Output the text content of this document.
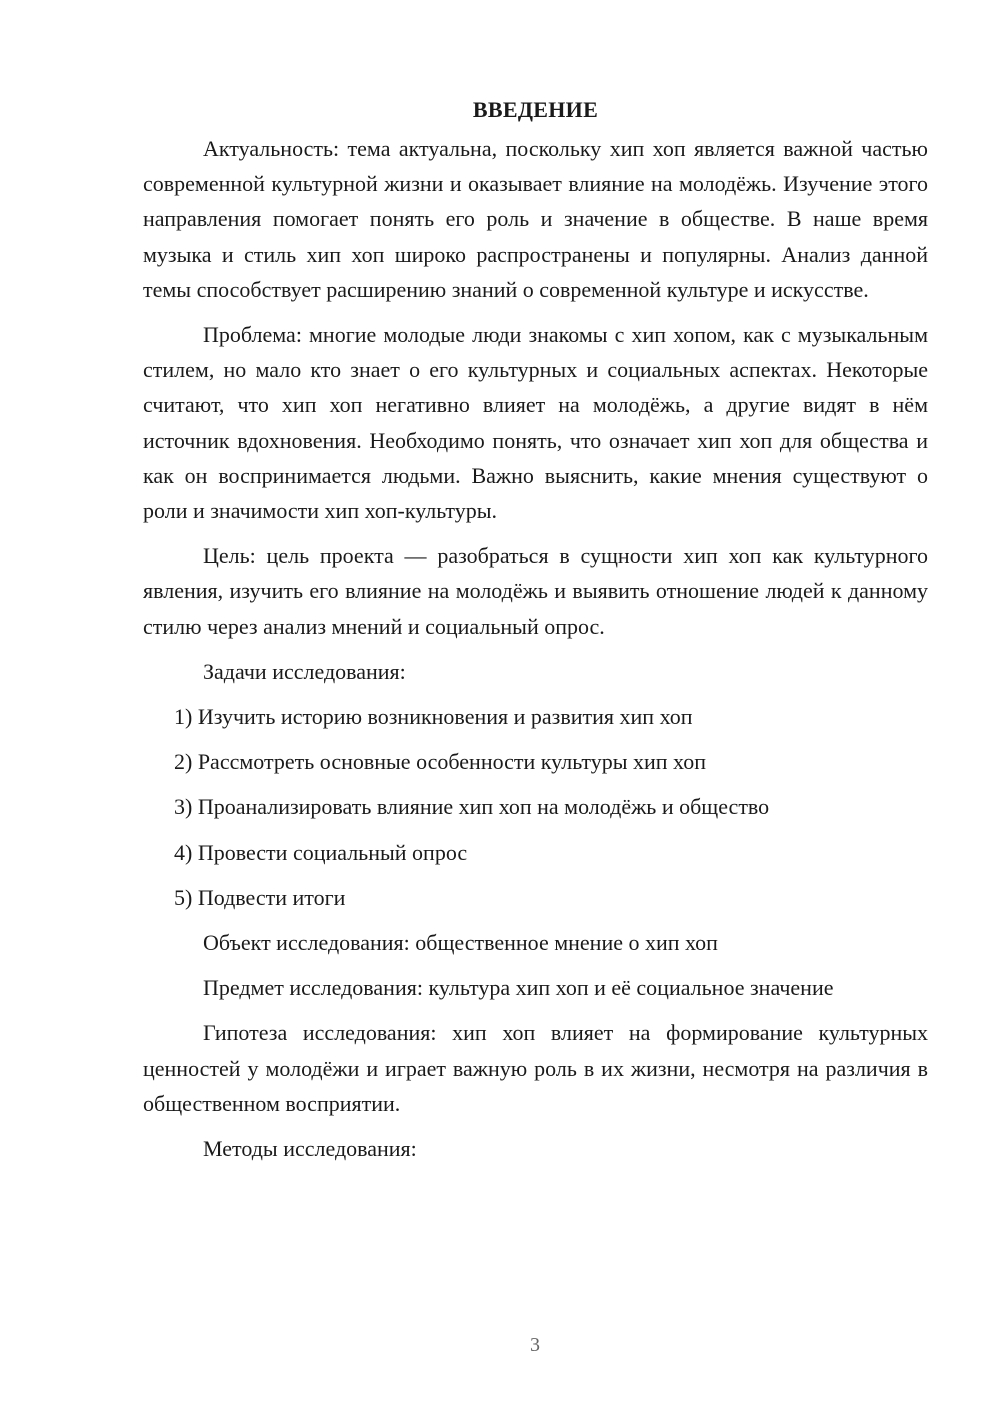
ВВЕДЕНИЕ

Актуальность: тема актуальна, поскольку хип хоп является важной частью современной культурной жизни и оказывает влияние на молодёжь. Изучение этого направления помогает понять его роль и значение в обществе. В наше время музыка и стиль хип хоп широко распространены и популярны. Анализ данной темы способствует расширению знаний о современной культуре и искусстве.

Проблема: многие молодые люди знакомы с хип хопом, как с музыкальным стилем, но мало кто знает о его культурных и социальных аспектах. Некоторые считают, что хип хоп негативно влияет на молодёжь, а другие видят в нём источник вдохновения. Необходимо понять, что означает хип хоп для общества и как он воспринимается людьми. Важно выяснить, какие мнения существуют о роли и значимости хип хоп-культуры.

Цель: цель проекта — разобраться в сущности хип хоп как культурного явления, изучить его влияние на молодёжь и выявить отношение людей к данному стилю через анализ мнений и социальный опрос.

Задачи исследования:

1) Изучить историю возникновения и развития хип хоп

2) Рассмотреть основные особенности культуры хип хоп

3) Проанализировать влияние хип хоп на молодёжь и общество

4) Провести социальный опрос

5) Подвести итоги

Объект исследования: общественное мнение о хип хоп

Предмет исследования: культура хип хоп и её социальное значение

Гипотеза исследования: хип хоп влияет на формирование культурных ценностей у молодёжи и играет важную роль в их жизни, несмотря на различия в общественном восприятии.

Методы исследования:

3
